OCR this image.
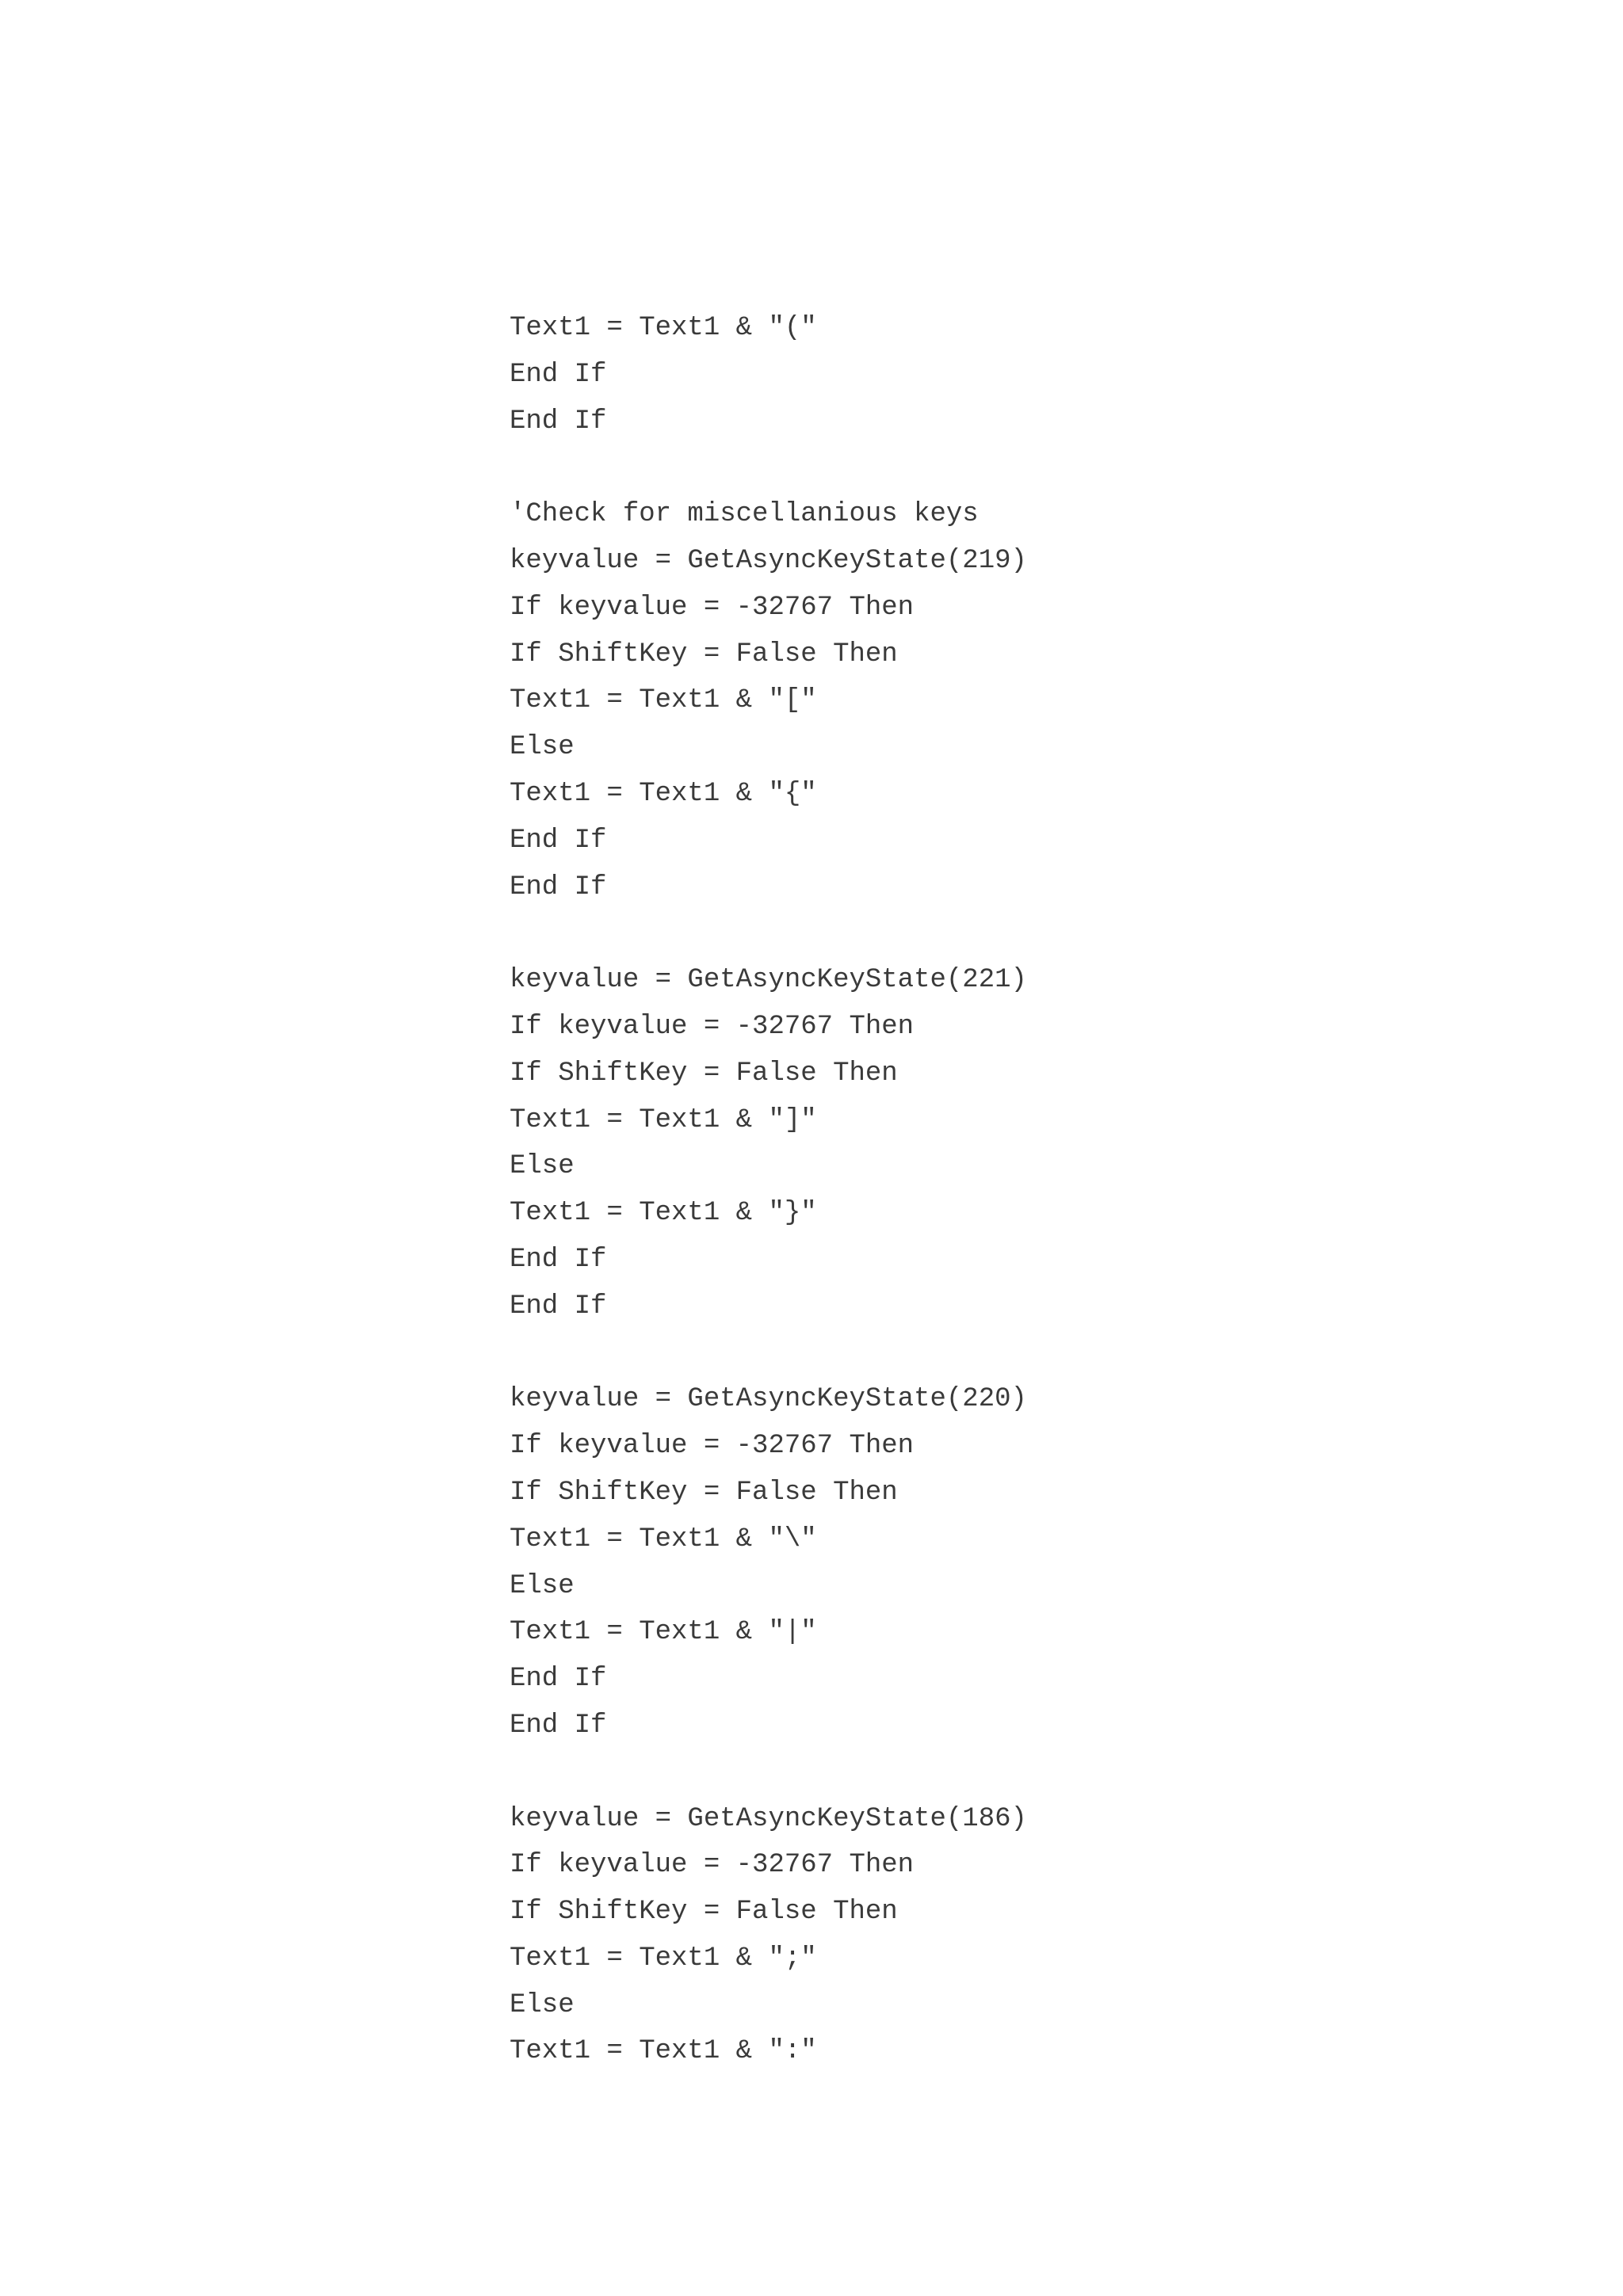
Text1 = Text1 & "("
End If
End If
'Check for miscellanious keys
keyvalue = GetAsyncKeyState(219)
If keyvalue = -32767 Then
If ShiftKey = False Then
Text1 = Text1 & "["
Else
Text1 = Text1 & "{"
End If
End If
keyvalue = GetAsyncKeyState(221)
If keyvalue = -32767 Then
If ShiftKey = False Then
Text1 = Text1 & "]"
Else
Text1 = Text1 & "}"
End If
End If
keyvalue = GetAsyncKeyState(220)
If keyvalue = -32767 Then
If ShiftKey = False Then
Text1 = Text1 & "\"
Else
Text1 = Text1 & "|"
End If
End If
keyvalue = GetAsyncKeyState(186)
If keyvalue = -32767 Then
If ShiftKey = False Then
Text1 = Text1 & ";"
Else
Text1 = Text1 & ":"
